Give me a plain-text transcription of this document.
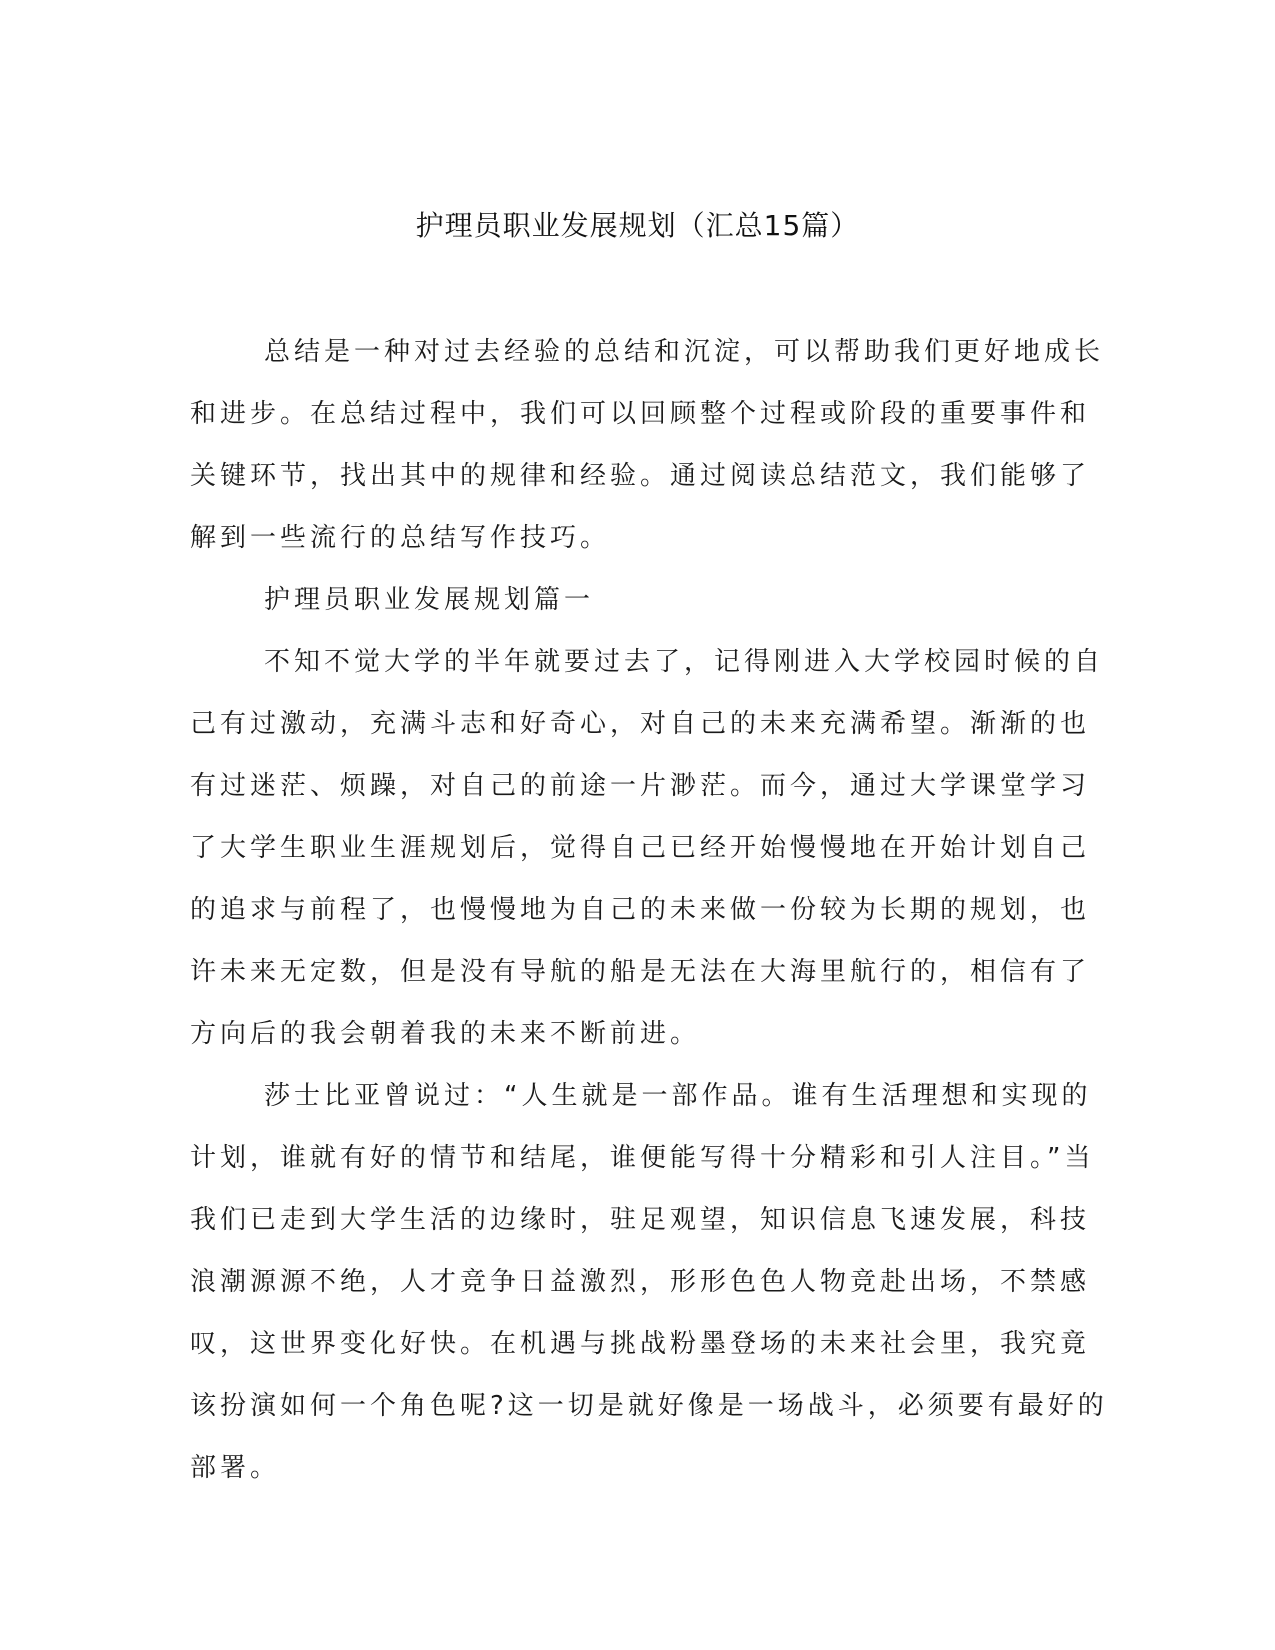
护理员职业发展规划（汇总15篇）
总结是一种对过去经验的总结和沉淀，可以帮助我们更好地成长
和进步。在总结过程中，我们可以回顾整个过程或阶段的重要事件和
关键环节，找出其中的规律和经验。通过阅读总结范文，我们能够了
解到一些流行的总结写作技巧。
护理员职业发展规划篇一
不知不觉大学的半年就要过去了，记得刚进入大学校园时候的自
己有过激动，充满斗志和好奇心，对自己的未来充满希望。渐渐的也
有过迷茫、烦躁，对自己的前途一片渺茫。而今，通过大学课堂学习
了大学生职业生涯规划后，觉得自己已经开始慢慢地在开始计划自己
的追求与前程了，也慢慢地为自己的未来做一份较为长期的规划，也
许未来无定数，但是没有导航的船是无法在大海里航行的，相信有了
方向后的我会朝着我的未来不断前进。
莎士比亚曾说过：“人生就是一部作品。谁有生活理想和实现的
计划，谁就有好的情节和结尾，谁便能写得十分精彩和引人注目。”当
我们已走到大学生活的边缘时，驻足观望，知识信息飞速发展，科技
浪潮源源不绝，人才竞争日益激烈，形形色色人物竞赴出场，不禁感
叹，这世界变化好快。在机遇与挑战粉墨登场的未来社会里，我究竟
该扮演如何一个角色呢?这一切是就好像是一场战斗，必须要有最好的
部署。
